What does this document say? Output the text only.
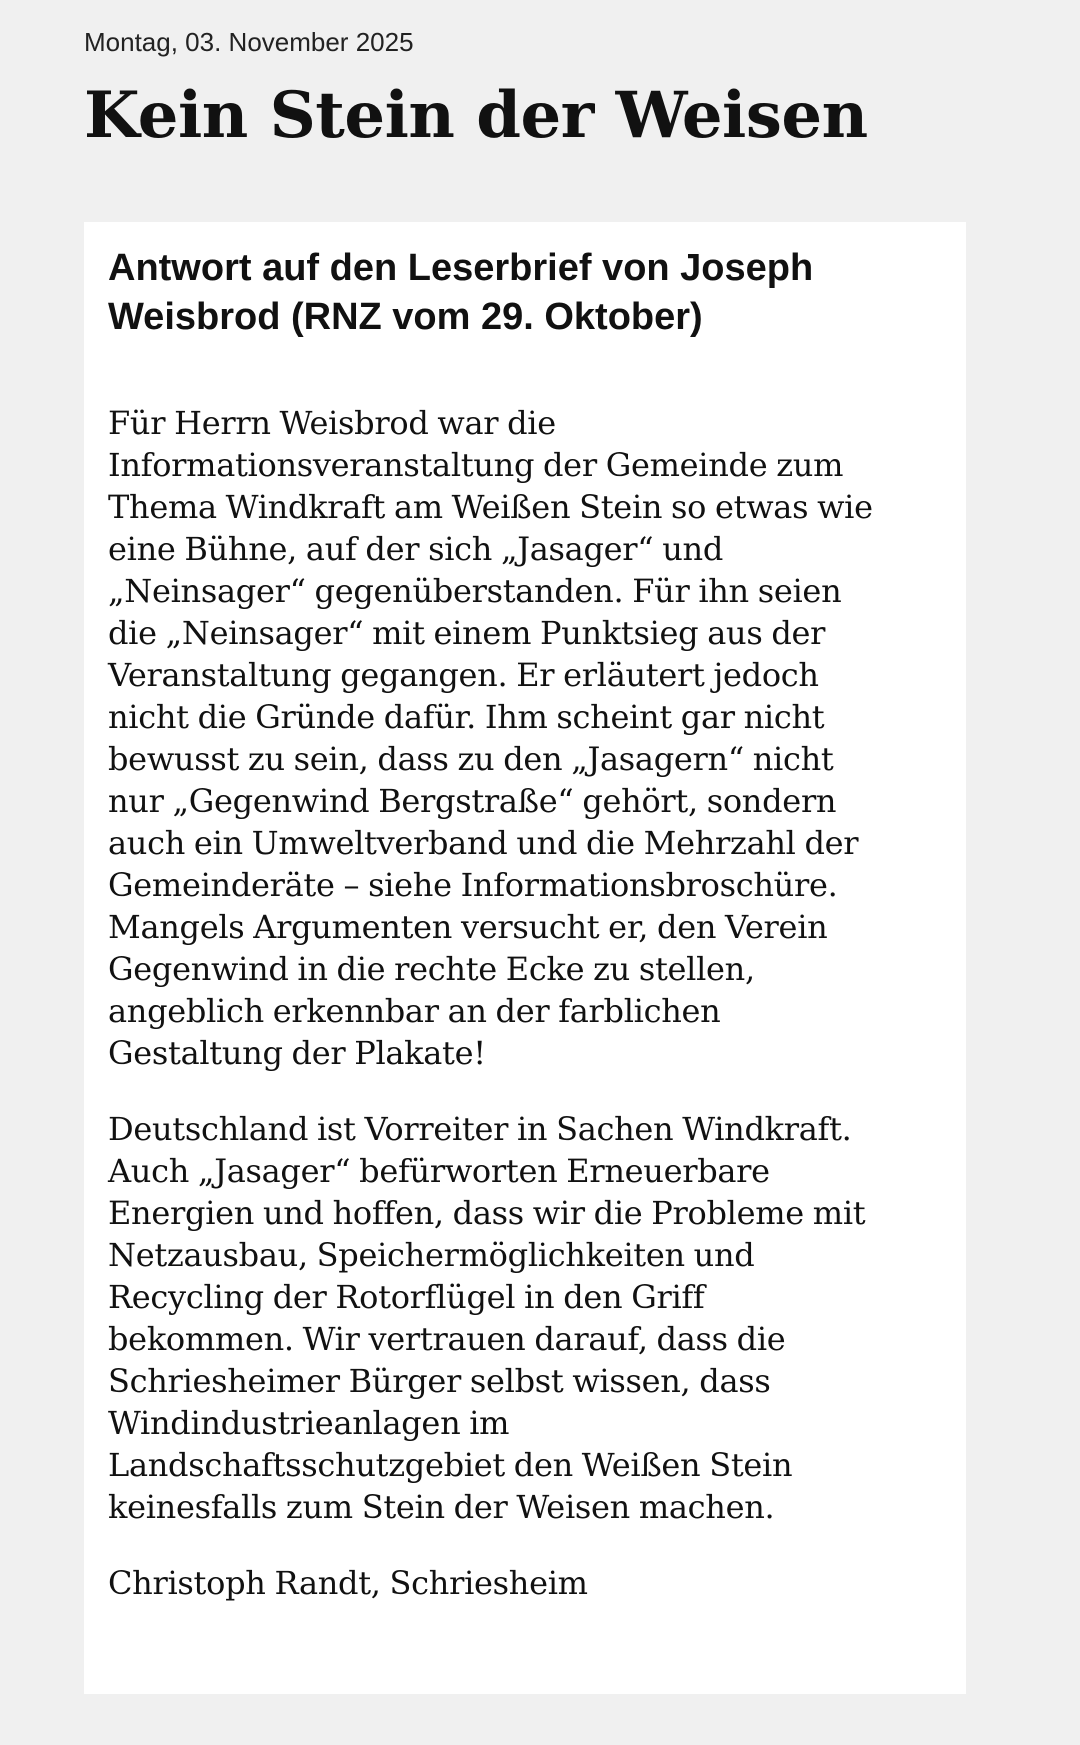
Montag, 03. November 2025
Kein Stein der Weisen
Antwort auf den Leserbrief von Joseph Weisbrod (RNZ vom 29. Oktober)

Für Herrn Weisbrod war die
Informationsveranstaltung der Gemeinde zum
Thema Windkraft am Weißen Stein so etwas wie
eine Bühne, auf der sich „Jasager“ und
„Neinsager“ gegenüberstanden. Für ihn seien
die „Neinsager“ mit einem Punktsieg aus der
Veranstaltung gegangen. Er erläutert jedoch
nicht die Gründe dafür. Ihm scheint gar nicht
bewusst zu sein, dass zu den „Jasagern“ nicht
nur „Gegenwind Bergstraße“ gehört, sondern
auch ein Umweltverband und die Mehrzahl der
Gemeinderäte – siehe Informationsbroschüre.
Mangels Argumenten versucht er, den Verein
Gegenwind in die rechte Ecke zu stellen,
angeblich erkennbar an der farblichen
Gestaltung der Plakate!

Deutschland ist Vorreiter in Sachen Windkraft.
Auch „Jasager“ befürworten Erneuerbare
Energien und hoffen, dass wir die Probleme mit
Netzausbau, Speichermöglichkeiten und
Recycling der Rotorflügel in den Griff
bekommen. Wir vertrauen darauf, dass die
Schriesheimer Bürger selbst wissen, dass
Windindustrieanlagen im
Landschaftsschutzgebiet den Weißen Stein
keinesfalls zum Stein der Weisen machen.

Christoph Randt, Schriesheim
